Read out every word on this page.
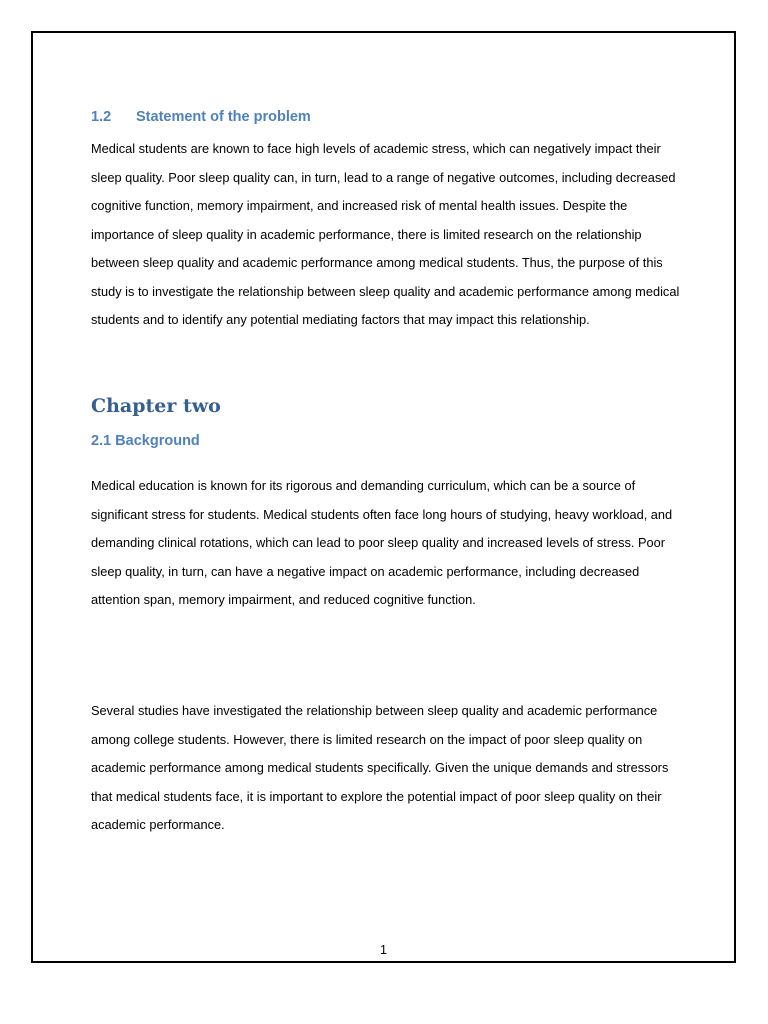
1.2 Statement of the problem

Medical students are known to face high levels of academic stress, which can negatively impact their sleep quality. Poor sleep quality can, in turn, lead to a range of negative outcomes, including decreased cognitive function, memory impairment, and increased risk of mental health issues. Despite the importance of sleep quality in academic performance, there is limited research on the relationship between sleep quality and academic performance among medical students. Thus, the purpose of this study is to investigate the relationship between sleep quality and academic performance among medical students and to identify any potential mediating factors that may impact this relationship.

Chapter two
2.1 Background

Medical education is known for its rigorous and demanding curriculum, which can be a source of significant stress for students. Medical students often face long hours of studying, heavy workload, and demanding clinical rotations, which can lead to poor sleep quality and increased levels of stress. Poor sleep quality, in turn, can have a negative impact on academic performance, including decreased attention span, memory impairment, and reduced cognitive function.

Several studies have investigated the relationship between sleep quality and academic performance among college students. However, there is limited research on the impact of poor sleep quality on academic performance among medical students specifically. Given the unique demands and stressors that medical students face, it is important to explore the potential impact of poor sleep quality on their academic performance.

1
